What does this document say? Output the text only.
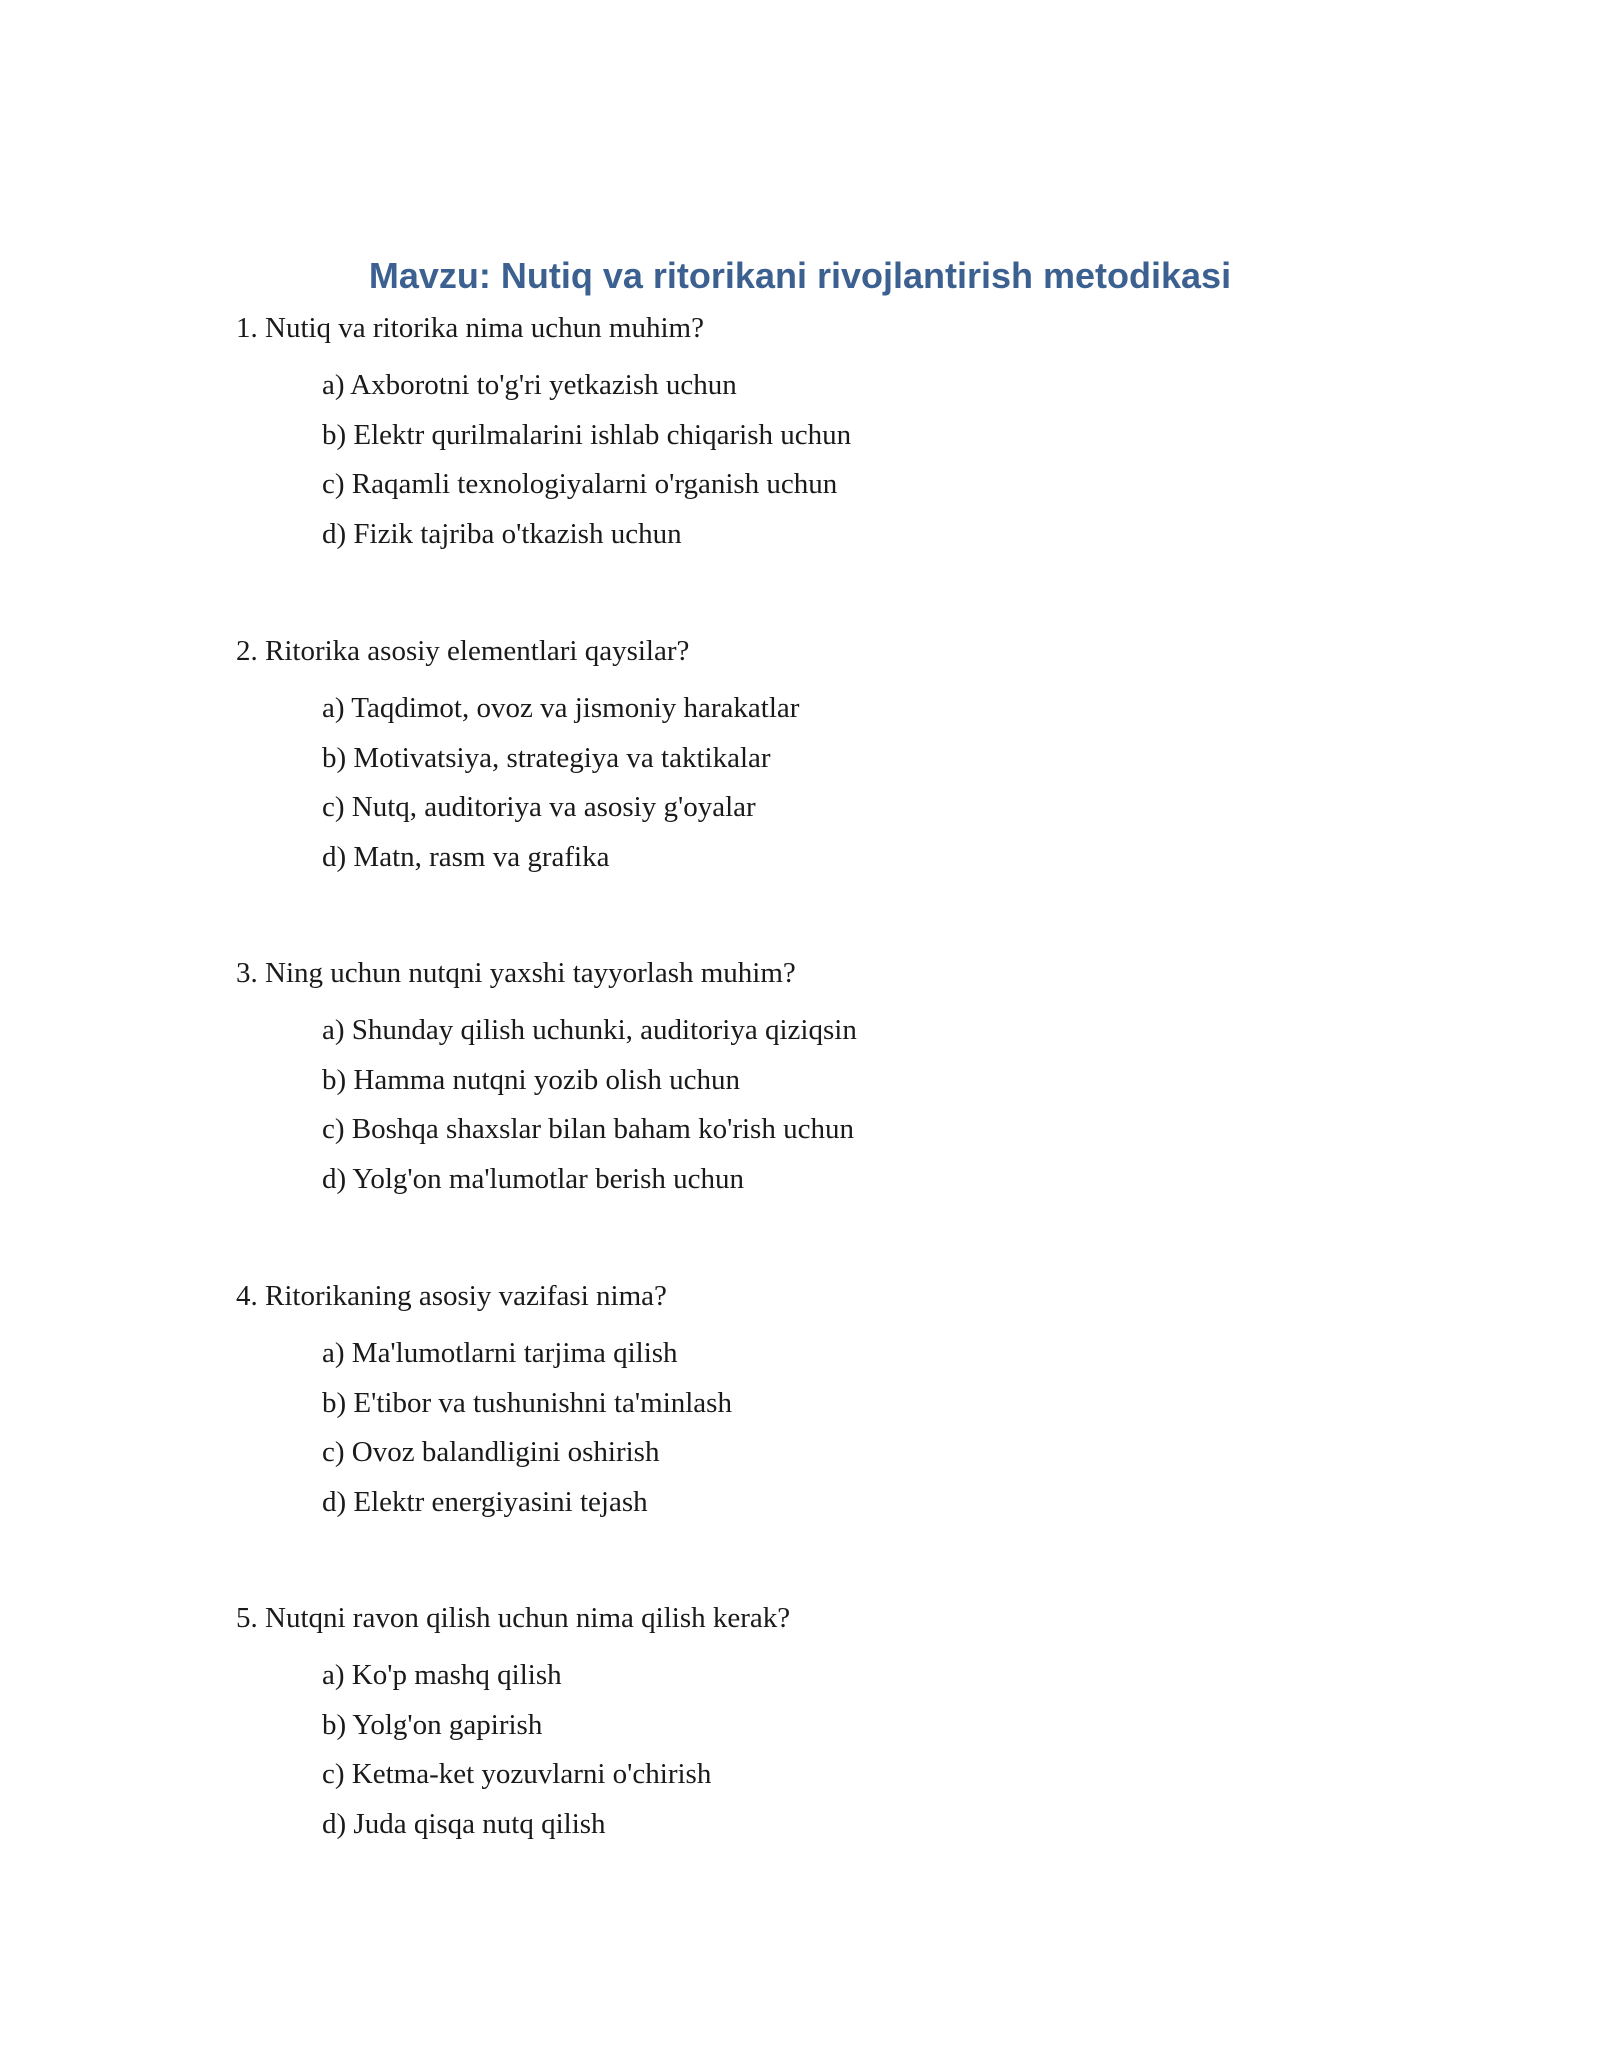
Mavzu: Nutiq va ritorikani rivojlantirish metodikasi

1. Nutiq va ritorika nima uchun muhim?

a) Axborotni to'g'ri yetkazish uchun
b) Elektr qurilmalarini ishlab chiqarish uchun
c) Raqamli texnologiyalarni o'rganish uchun
d) Fizik tajriba o'tkazish uchun

2. Ritorika asosiy elementlari qaysilar?

a) Taqdimot, ovoz va jismoniy harakatlar
b) Motivatsiya, strategiya va taktikalar
c) Nutq, auditoriya va asosiy g'oyalar
d) Matn, rasm va grafika

3. Ning uchun nutqni yaxshi tayyorlash muhim?

a) Shunday qilish uchunki, auditoriya qiziqsin
b) Hamma nutqni yozib olish uchun
c) Boshqa shaxslar bilan baham ko'rish uchun
d) Yolg'on ma'lumotlar berish uchun

4. Ritorikaning asosiy vazifasi nima?

a) Ma'lumotlarni tarjima qilish
b) E'tibor va tushunishni ta'minlash
c) Ovoz balandligini oshirish
d) Elektr energiyasini tejash

5. Nutqni ravon qilish uchun nima qilish kerak?

a) Ko'p mashq qilish
b) Yolg'on gapirish
c) Ketma-ket yozuvlarni o'chirish
d) Juda qisqa nutq qilish
